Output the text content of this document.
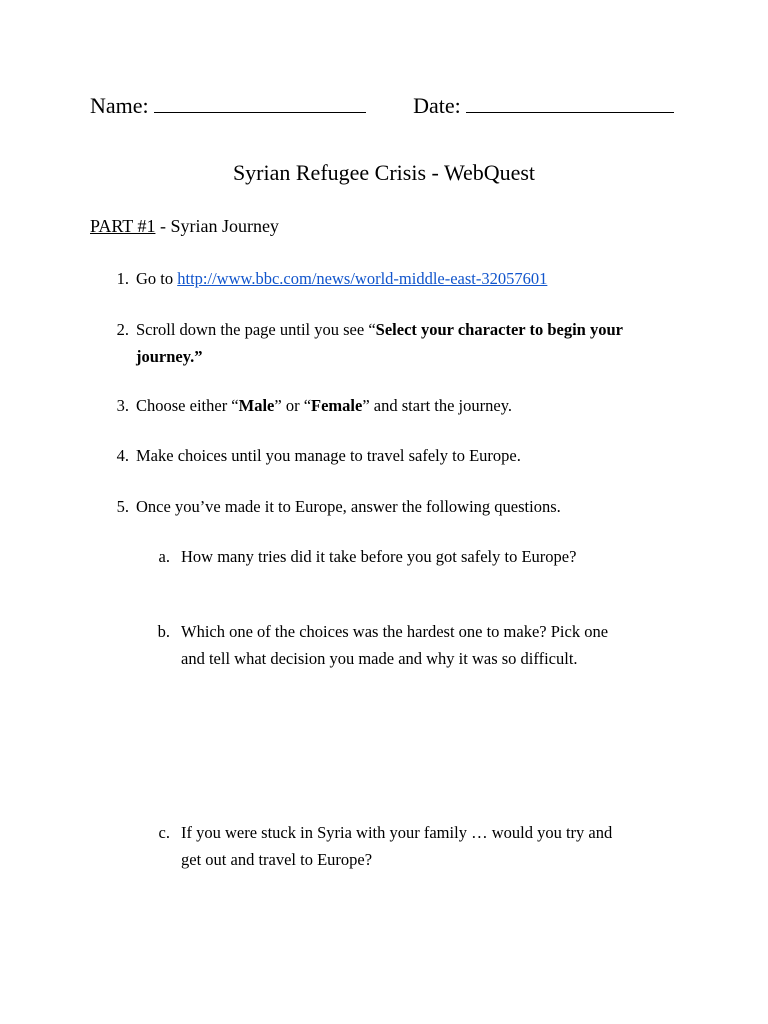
Name:	Date:
Syrian Refugee Crisis - WebQuest
PART #1 - Syrian Journey
1. Go to http://www.bbc.com/news/world-middle-east-32057601
2. Scroll down the page until you see “Select your character to begin your
journey.”
3. Choose either “Male” or “Female” and start the journey.
4. Make choices until you manage to travel safely to Europe.
5. Once you’ve made it to Europe, answer the following questions.
a. How many tries did it take before you got safely to Europe?
b. Which one of the choices was the hardest one to make? Pick one
and tell what decision you made and why it was so difficult.
c. If you were stuck in Syria with your family … would you try and
get out and travel to Europe?
